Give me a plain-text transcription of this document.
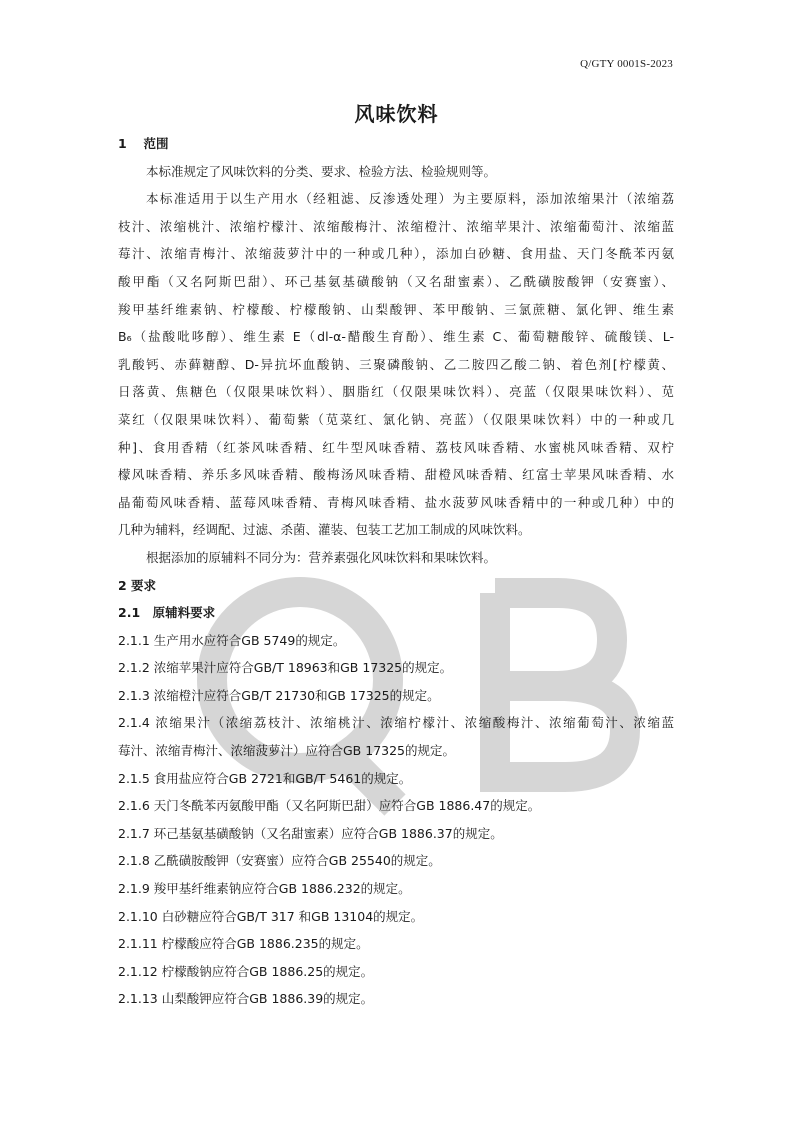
Q/GTY 0001S-2023
风味饮料
1　 范围
本标准规定了风味饮料的分类、要求、检验方法、检验规则等。
本标准适用于以生产用水（经粗滤、反渗透处理）为主要原料，添加浓缩果汁（浓缩荔
枝汁、浓缩桃汁、浓缩柠檬汁、浓缩酸梅汁、浓缩橙汁、浓缩苹果汁、浓缩葡萄汁、浓缩蓝
莓汁、浓缩青梅汁、浓缩菠萝汁中的一种或几种），添加白砂糖、食用盐、天门冬酰苯丙氨
酸甲酯（又名阿斯巴甜）、环己基氨基磺酸钠（又名甜蜜素）、乙酰磺胺酸钾（安赛蜜）、
羧甲基纤维素钠、柠檬酸、柠檬酸钠、山梨酸钾、苯甲酸钠、三氯蔗糖、氯化钾、维生素
B₆（盐酸吡哆醇）、维生素 E（dl-α-醋酸生育酚）、维生素 C、葡萄糖酸锌、硫酸镁、L-
乳酸钙、赤藓糖醇、D-异抗坏血酸钠、三聚磷酸钠、乙二胺四乙酸二钠、着色剂[柠檬黄、
日落黄、焦糖色（仅限果味饮料）、胭脂红（仅限果味饮料）、亮蓝（仅限果味饮料）、苋
菜红（仅限果味饮料）、葡萄紫（苋菜红、氯化钠、亮蓝）（仅限果味饮料）中的一种或几
种]、食用香精（红茶风味香精、红牛型风味香精、荔枝风味香精、水蜜桃风味香精、双柠
檬风味香精、养乐多风味香精、酸梅汤风味香精、甜橙风味香精、红富士苹果风味香精、水
晶葡萄风味香精、蓝莓风味香精、青梅风味香精、盐水菠萝风味香精中的一种或几种）中的
几种为辅料，经调配、过滤、杀菌、灌装、包装工艺加工制成的风味饮料。
根据添加的原辅料不同分为：营养素强化风味饮料和果味饮料。
2 要求
2.1　原辅料要求
2.1.1 生产用水应符合GB 5749的规定。
2.1.2 浓缩苹果汁应符合GB/T 18963和GB 17325的规定。
2.1.3 浓缩橙汁应符合GB/T 21730和GB 17325的规定。
2.1.4 浓缩果汁（浓缩荔枝汁、浓缩桃汁、浓缩柠檬汁、浓缩酸梅汁、浓缩葡萄汁、浓缩蓝
莓汁、浓缩青梅汁、浓缩菠萝汁）应符合GB 17325的规定。
2.1.5 食用盐应符合GB 2721和GB/T 5461的规定。
2.1.6 天门冬酰苯丙氨酸甲酯（又名阿斯巴甜）应符合GB 1886.47的规定。
2.1.7 环己基氨基磺酸钠（又名甜蜜素）应符合GB 1886.37的规定。
2.1.8 乙酰磺胺酸钾（安赛蜜）应符合GB 25540的规定。
2.1.9 羧甲基纤维素钠应符合GB 1886.232的规定。
2.1.10 白砂糖应符合GB/T 317 和GB 13104的规定。
2.1.11 柠檬酸应符合GB 1886.235的规定。
2.1.12 柠檬酸钠应符合GB 1886.25的规定。
2.1.13 山梨酸钾应符合GB 1886.39的规定。
